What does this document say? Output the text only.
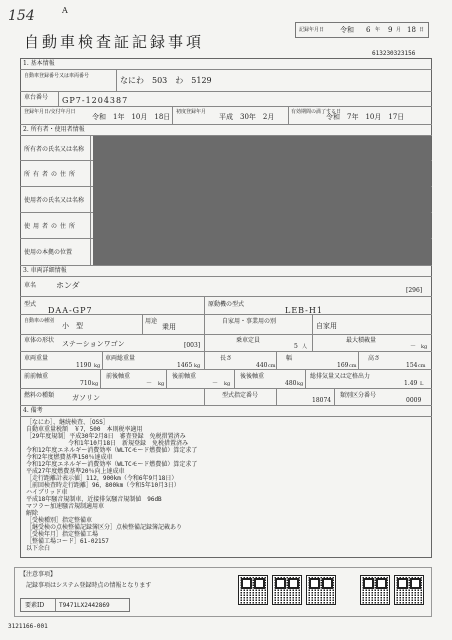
154	A
自動車検査証記録事項
記録年月日 令和 6 年 9 月 18 日
613230323156
1. 基本情報
自動車登録番号又は車両番号	なにわ　503　わ　5129
車台番号 GP7-1204387
登録年月日/交付年月日
令和　1年　10月　18日
初度登録年月
平成　30年　2月
有効期間の満了する日
令和　7年　10月　17日
2. 所有者・使用者情報
所有者の氏名又は名称
所有者の住所
使用者の氏名又は名称
使用者の住所
使用の本拠の位置
3. 車両詳細情報
車名 ホンダ
[296]
型式
DAA-GP7
原動機の型式
LEB-H1
自動車の種別
小　型
用途
乗用
自家用・事業用の別
自家用
車体の形状 ステーションワゴン	[003]
乗車定員
5 人
最大積載量
－ kg
車両重量
1190 kg
車両総重量
1465 kg
長さ
440 cm
幅
169 cm
高さ
154 cm
前前軸重
710 kg
前後軸重
－ kg
後前軸重
－ kg
後後軸重
480 kg
総排気量又は定格出力
1.49 L
燃料の種類	ガソリン	型式指定番号
18074
類別区分番号
0009
4. 備考
［なにわ］、継続検査、［OSS］
自動車重量税額　￥7，500　本則税率適用
［29年度規制］平成30年2月8日　審査登録　免税措置済み
　　　　　　　令和1年10月18日　新規登録　免税措置済み
令和12年度エネルギー消費効率（WLTCモード燃費値）算定求了
令和2年度燃費基準150％達成車
令和12年度エネルギー消費効率（WLTCモード燃費値）算定求了
平成27年度燃費基準20％向上達成車
［走行距離計表示値］112，900km（令和6年9月18日）
［前回検査時走行距離］96，800km（令和5年10月3日）
ハイブリッド車
平成18年騒音規制車、近接排気騒音規制値　96dB
マフラー加速騒音規制適用車
解除
［受検種別］指定整備車
［継受検の点検整備記録簿区分］点検整備記録簿記載あり
［受検年月］指定整備工場
［整備工場コード］61-02157
以下余白
【注意事項】
記録事項はシステム登録時点の情報となります
要素ID T9471LX2442869
3121166-001
